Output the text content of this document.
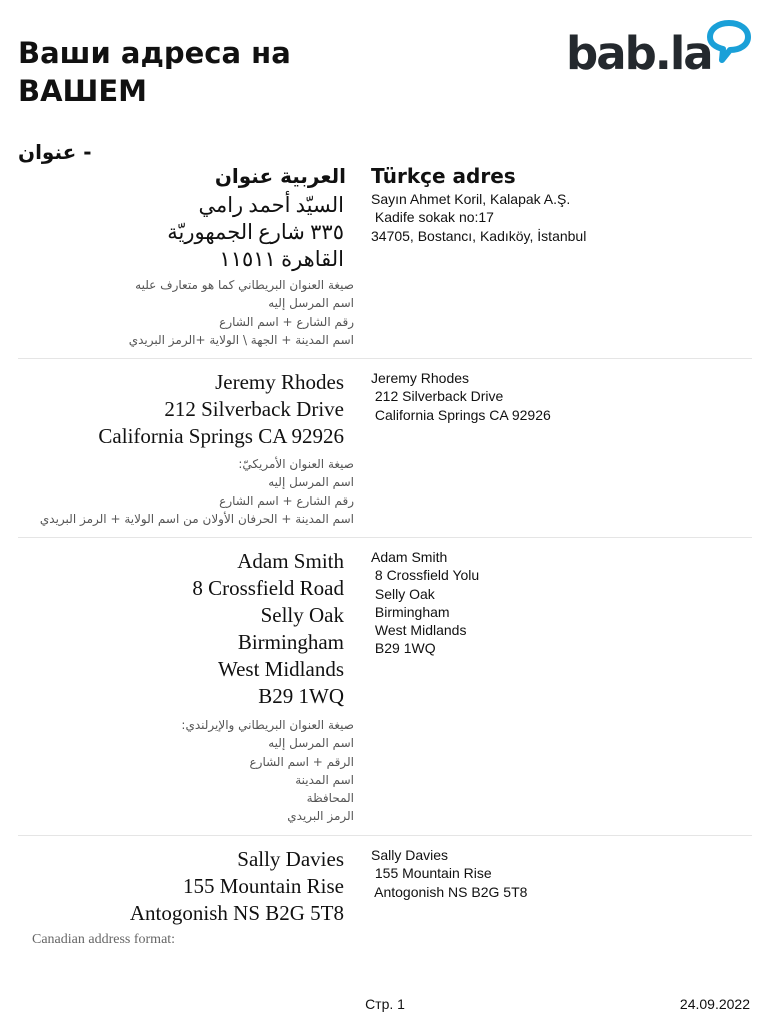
Ваши адреса на ВАШЕМ
bab.la
عنوان -
العربية عنوان Türkçe adres
السيّد أحمد رامي
٣٣٥ شارع الجمهوريّة
القاهرة ١١٥١١
Sayın Ahmet Koril, Kalapak A.Ş.
Kadife sokak no:17
34705, Bostancı, Kadıköy, İstanbul
صيغة العنوان البريطاني كما هو متعارف عليه
اسم المرسل إليه
رقم الشارع + اسم الشارع
اسم المدينة + الجهة \ الولاية +الرمز البريدي
Jeremy Rhodes
212 Silverback Drive
California Springs CA 92926
Jeremy Rhodes
212 Silverback Drive
California Springs CA 92926
صيغة العنوان الأمريكيّ:
اسم المرسل إليه
رقم الشارع + اسم الشارع
اسم المدينة + الحرفان الأولان من اسم الولاية + الرمز البريدي
Adam Smith
8 Crossfield Road
Selly Oak
Birmingham
West Midlands
B29 1WQ
Adam Smith
8 Crossfield Yolu
Selly Oak
Birmingham
West Midlands
B29 1WQ
صيغة العنوان البريطاني والإيرلندي:
اسم المرسل إليه
الرقم + اسم الشارع
اسم المدينة
المحافظة
الرمز البريدي
Sally Davies
155 Mountain Rise
Antogonish NS B2G 5T8
Sally Davies
155 Mountain Rise
Antogonish NS B2G 5T8
Canadian address format:
Стр. 1	24.09.2022
